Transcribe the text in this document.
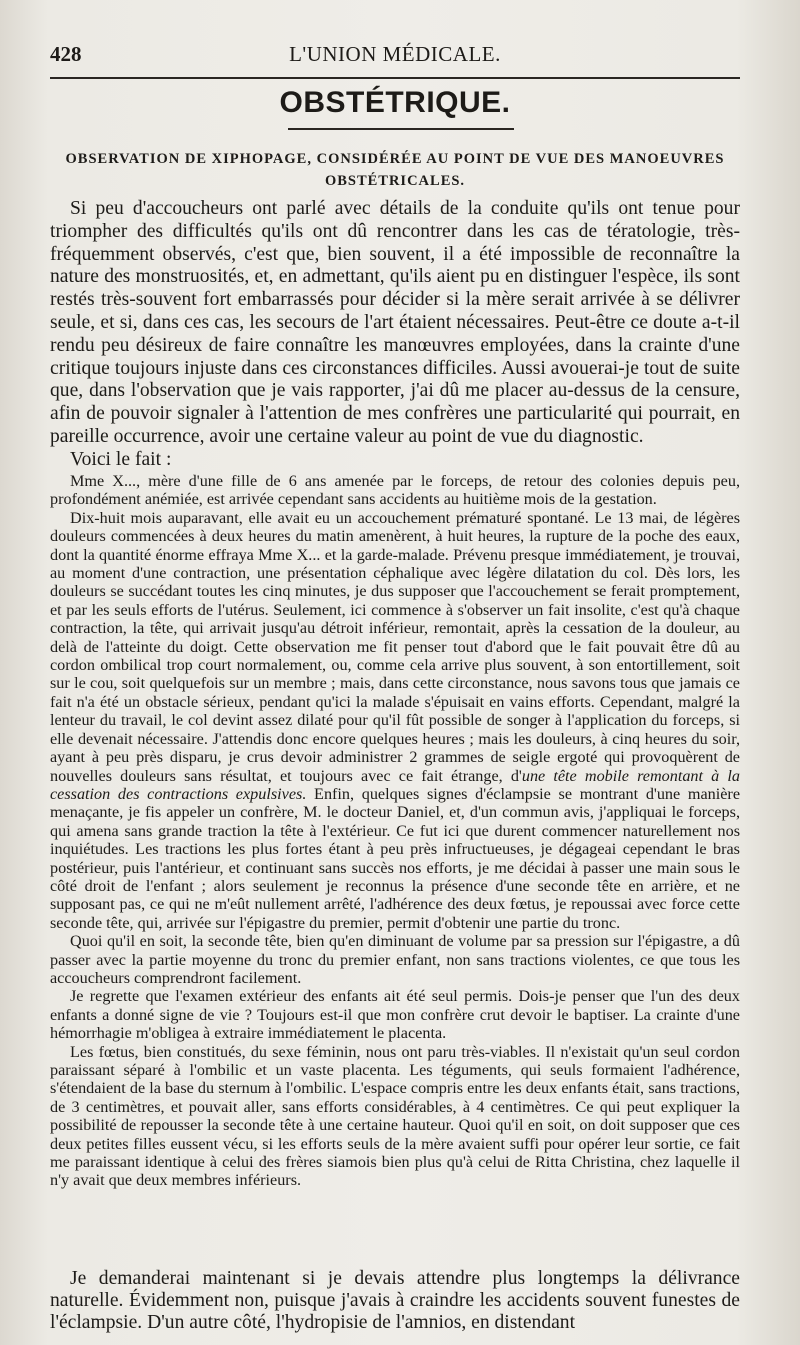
428	L'UNION MÉDICALE.
OBSTÉTRIQUE.
OBSERVATION DE XIPHOPAGE, CONSIDÉRÉE AU POINT DE VUE DES MANOEUVRES OBSTÉTRICALES.

Si peu d'accoucheurs ont parlé avec détails de la conduite qu'ils ont tenue pour triompher des difficultés qu'ils ont dû rencontrer dans les cas de tératologie, très-fréquemment observés, c'est que, bien souvent, il a été impossible de reconnaître la nature des monstruosités, et, en admettant, qu'ils aient pu en distinguer l'espèce, ils sont restés très-souvent fort embarrassés pour décider si la mère serait arrivée à se délivrer seule, et si, dans ces cas, les secours de l'art étaient nécessaires. Peut-être ce doute a-t-il rendu peu désireux de faire connaître les manœuvres employées, dans la crainte d'une critique toujours injuste dans ces circonstances difficiles. Aussi avouerai-je tout de suite que, dans l'observation que je vais rapporter, j'ai dû me placer au-dessus de la censure, afin de pouvoir signaler à l'attention de mes confrères une particularité qui pourrait, en pareille occurrence, avoir une certaine valeur au point de vue du diagnostic.

Voici le fait :

Mme X..., mère d'une fille de 6 ans amenée par le forceps, de retour des colonies depuis peu, profondément anémiée, est arrivée cependant sans accidents au huitième mois de la gestation.

Dix-huit mois auparavant, elle avait eu un accouchement prématuré spontané. Le 13 mai, de légères douleurs commencées à deux heures du matin amenèrent, à huit heures, la rupture de la poche des eaux, dont la quantité énorme effraya Mme X... et la garde-malade. Prévenu presque immédiatement, je trouvai, au moment d'une contraction, une présentation céphalique avec légère dilatation du col. Dès lors, les douleurs se succédant toutes les cinq minutes, je dus supposer que l'accouchement se ferait promptement, et par les seuls efforts de l'utérus. Seulement, ici commence à s'observer un fait insolite, c'est qu'à chaque contraction, la tête, qui arrivait jusqu'au détroit inférieur, remontait, après la cessation de la douleur, au delà de l'atteinte du doigt. Cette observation me fit penser tout d'abord que le fait pouvait être dû au cordon ombilical trop court normalement, ou, comme cela arrive plus souvent, à son entortillement, soit sur le cou, soit quelquefois sur un membre ; mais, dans cette circonstance, nous savons tous que jamais ce fait n'a été un obstacle sérieux, pendant qu'ici la malade s'épuisait en vains efforts. Cependant, malgré la lenteur du travail, le col devint assez dilaté pour qu'il fût possible de songer à l'application du forceps, si elle devenait nécessaire. J'attendis donc encore quelques heures ; mais les douleurs, à cinq heures du soir, ayant à peu près disparu, je crus devoir administrer 2 grammes de seigle ergoté qui provoquèrent de nouvelles douleurs sans résultat, et toujours avec ce fait étrange, d'une tête mobile remontant à la cessation des contractions expulsives. Enfin, quelques signes d'éclampsie se montrant d'une manière menaçante, je fis appeler un confrère, M. le docteur Daniel, et, d'un commun avis, j'appliquai le forceps, qui amena sans grande traction la tête à l'extérieur. Ce fut ici que durent commencer naturellement nos inquiétudes. Les tractions les plus fortes étant à peu près infructueuses, je dégageai cependant le bras postérieur, puis l'antérieur, et continuant sans succès nos efforts, je me décidai à passer une main sous le côté droit de l'enfant ; alors seulement je reconnus la présence d'une seconde tête en arrière, et ne supposant pas, ce qui ne m'eût nullement arrêté, l'adhérence des deux fœtus, je repoussai avec force cette seconde tête, qui, arrivée sur l'épigastre du premier, permit d'obtenir une partie du tronc.

Quoi qu'il en soit, la seconde tête, bien qu'en diminuant de volume par sa pression sur l'épigastre, a dû passer avec la partie moyenne du tronc du premier enfant, non sans tractions violentes, ce que tous les accoucheurs comprendront facilement.

Je regrette que l'examen extérieur des enfants ait été seul permis. Dois-je penser que l'un des deux enfants a donné signe de vie ? Toujours est-il que mon confrère crut devoir le baptiser. La crainte d'une hémorrhagie m'obligea à extraire immédiatement le placenta.

Les fœtus, bien constitués, du sexe féminin, nous ont paru très-viables. Il n'existait qu'un seul cordon paraissant séparé à l'ombilic et un vaste placenta. Les téguments, qui seuls formaient l'adhérence, s'étendaient de la base du sternum à l'ombilic. L'espace compris entre les deux enfants était, sans tractions, de 3 centimètres, et pouvait aller, sans efforts considérables, à 4 centimètres. Ce qui peut expliquer la possibilité de repousser la seconde tête à une certaine hauteur. Quoi qu'il en soit, on doit supposer que ces deux petites filles eussent vécu, si les efforts seuls de la mère avaient suffi pour opérer leur sortie, ce fait me paraissant identique à celui des frères siamois bien plus qu'à celui de Ritta Christina, chez laquelle il n'y avait que deux membres inférieurs.

Je demanderai maintenant si je devais attendre plus longtemps la délivrance naturelle. Évidemment non, puisque j'avais à craindre les accidents souvent funestes de l'éclampsie. D'un autre côté, l'hydropisie de l'amnios, en distendant
